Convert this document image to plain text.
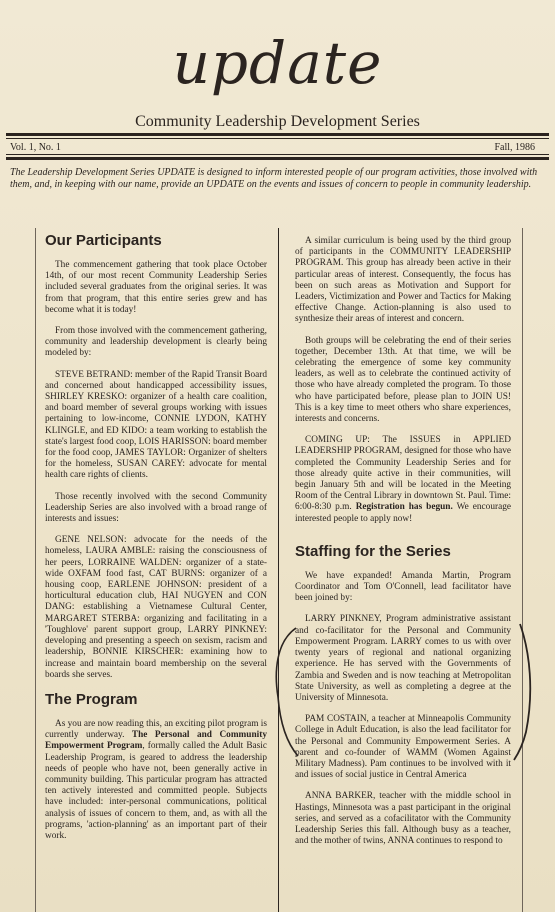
update
Community Leadership Development Series
Vol. 1, No. 1	Fall, 1986
The Leadership Development Series UPDATE is designed to inform interested people of our program activities, those involved with them, and, in keeping with our name, provide an UPDATE on the events and issues of concern to people in community leadership.
Our Participants

The commencement gathering that took place October 14th, of our most recent Community Leadership Series included several graduates from the original series. It was from that program, that this entire series grew and has become what it is today!

From those involved with the commencement gathering, community and leadership development is clearly being modeled by:

STEVE BETRAND: member of the Rapid Transit Board and concerned about handicapped accessibility issues, SHIRLEY KRESKO: organizer of a health care coalition, and board member of several groups working with issues pertaining to low-income, CONNIE LYDON, KATHY KLINGLE, and ED KIDO: a team working to establish the state's largest food coop, LOIS HARISSON: board member for the food coop, JAMES TAYLOR: Organizer of shelters for the homeless, SUSAN CAREY: advocate for mental health care rights of clients.

Those recently involved with the second Community Leadership Series are also involved with a broad range of interests and issues:

GENE NELSON: advocate for the needs of the homeless, LAURA AMBLE: raising the consciousness of her peers, LORRAINE WALDEN: organizer of a state-wide OXFAM food fast, CAT BURNS: organizer of a housing coop, EARLENE JOHNSON: president of a horticultural education club, HAI NUGYEN and CON DANG: establishing a Vietnamese Cultural Center, MARGARET STERBA: organizing and facilitating in a 'Toughlove' parent support group, LARRY PINKNEY: developing and presenting a speech on sexism, racism and leadership, BONNIE KIRSCHER: examining how to increase and maintain board membership on the several boards she serves.

The Program

As you are now reading this, an exciting pilot program is currently underway. The Personal and Community Empowerment Program, formally called the Adult Basic Leadership Program, is geared to address the leadership needs of people who have not, been generally active in community building. This particular program has attracted ten actively interested and committed people. Subjects have included: inter-personal communications, political analysis of issues of concern to them, and, as with all the programs, 'action-planning' as an important part of their work.

A similar curriculum is being used by the third group of participants in the COMMUNITY LEADERSHIP PROGRAM. This group has already been active in their particular areas of interest. Consequently, the focus has been on such areas as Motivation and Support for Leaders, Victimization and Power and Tactics for Making effective Change. Action-planning is also used to synthesize their areas of interest and concern.

Both groups will be celebrating the end of their series together, December 13th. At that time, we will be celebrating the emergence of some key community leaders, as well as to celebrate the continued activity of those who have already completed the program. To those who have participated before, please plan to JOIN US! This is a key time to meet others who share experiences, interests and concerns.

COMING UP: The ISSUES in APPLIED LEADERSHIP PROGRAM, designed for those who have completed the Community Leadership Series and for those already quite active in their communities, will begin January 5th and will be located in the Meeting Room of the Central Library in downtown St. Paul. Time: 6:00-8:30 p.m. Registration has begun. We encourage interested people to apply now!

Staffing for the Series

We have expanded! Amanda Martin, Program Coordinator and Tom O'Connell, lead facilitator have been joined by:

LARRY PINKNEY, Program administrative assistant and co-facilitator for the Personal and Community Empowerment Program. LARRY comes to us with over twenty years of regional and national organizing experience. He has served with the Governments of Zambia and Sweden and is now teaching at Metropolitan State University, as well as completing a degree at the University of Minnesota.

PAM COSTAIN, a teacher at Minneapolis Community College in Adult Education, is also the lead facilitator for the Personal and Community Empowerment Series. A parent and co-founder of WAMM (Women Against Military Madness). Pam continues to be involved with it and issues of social justice in Central America

ANNA BARKER, teacher with the middle school in Hastings, Minnesota was a past participant in the original series, and served as a cofacilitator with the Community Leadership Series this fall. Although busy as a teacher, and the mother of twins, ANNA continues to respond to
